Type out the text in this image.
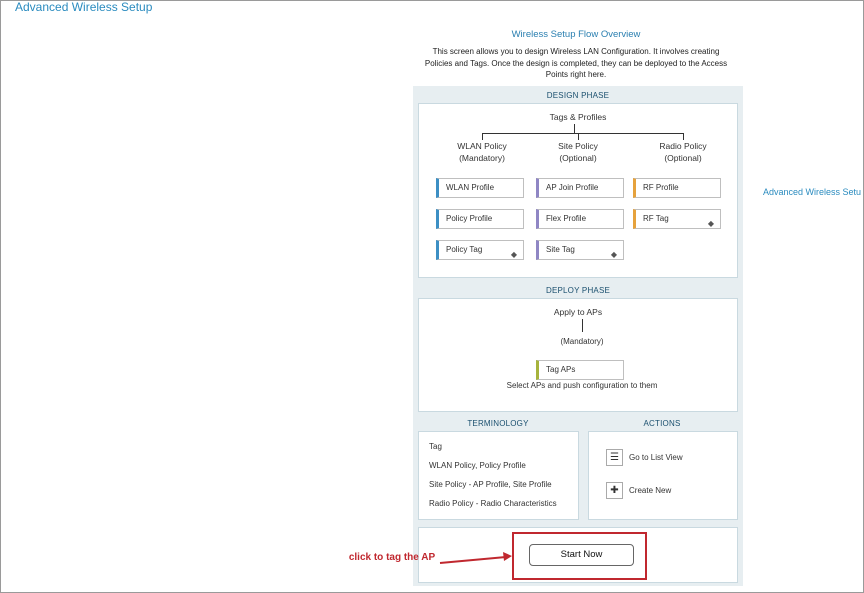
Advanced Wireless Setup
Advanced Wireless Setu
Wireless Setup Flow Overview
This screen allows you to design Wireless LAN Configuration. It involves creating Policies and Tags. Once the design is completed, they can be deployed to the Access Points right here.
DESIGN PHASE
Tags & Profiles
WLAN Policy
(Mandatory)
Site Policy
(Optional)
Radio Policy
(Optional)
WLAN Profile	AP Join Profile	RF Profile
Policy Profile	Flex Profile	RF Tag
◆
Policy Tag
◆
Site Tag
◆
DEPLOY PHASE
Apply to APs
(Mandatory)
Tag APs
Select APs and push configuration to them
TERMINOLOGY
Tag
WLAN Policy, Policy Profile
Site Policy - AP Profile, Site Profile
Radio Policy - Radio Characteristics
ACTIONS
☰	Go to List View
✚	Create New
Start Now
click to tag the AP
